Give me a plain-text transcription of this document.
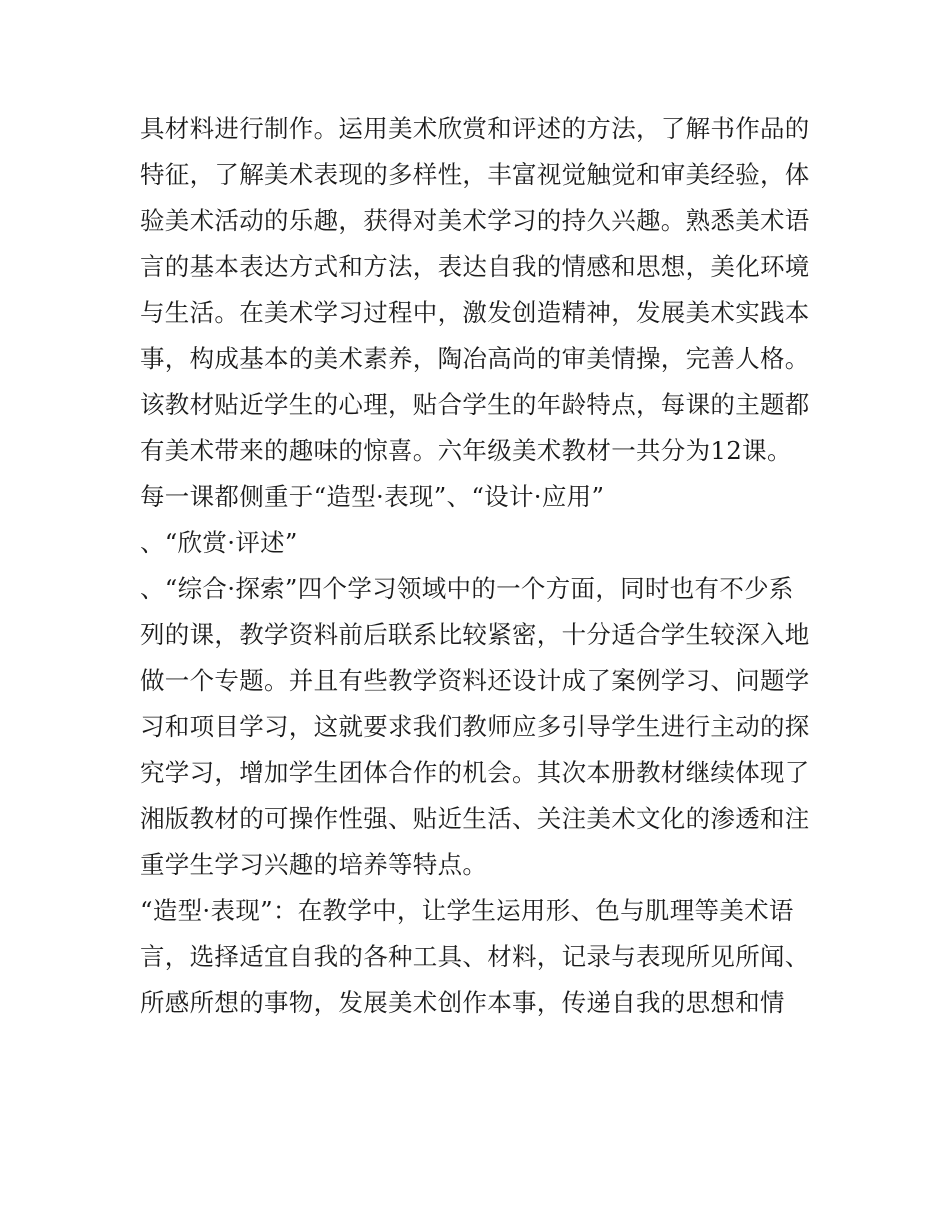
具材料进行制作。运用美术欣赏和评述的方法，了解书作品的
特征，了解美术表现的多样性，丰富视觉触觉和审美经验，体
验美术活动的乐趣，获得对美术学习的持久兴趣。熟悉美术语
言的基本表达方式和方法，表达自我的情感和思想，美化环境
与生活。在美术学习过程中，激发创造精神，发展美术实践本
事，构成基本的美术素养，陶冶高尚的审美情操，完善人格。
该教材贴近学生的心理，贴合学生的年龄特点，每课的主题都
有美术带来的趣味的惊喜。六年级美术教材一共分为12课。
每一课都侧重于“造型·表现”、“设计·应用”
、“欣赏·评述”
、“综合·探索”四个学习领域中的一个方面，同时也有不少系
列的课，教学资料前后联系比较紧密，十分适合学生较深入地
做一个专题。并且有些教学资料还设计成了案例学习、问题学
习和项目学习，这就要求我们教师应多引导学生进行主动的探
究学习，增加学生团体合作的机会。其次本册教材继续体现了
湘版教材的可操作性强、贴近生活、关注美术文化的渗透和注
重学生学习兴趣的培养等特点。
“造型·表现”：在教学中，让学生运用形、色与肌理等美术语
言，选择适宜自我的各种工具、材料，记录与表现所见所闻、
所感所想的事物，发展美术创作本事，传递自我的思想和情
